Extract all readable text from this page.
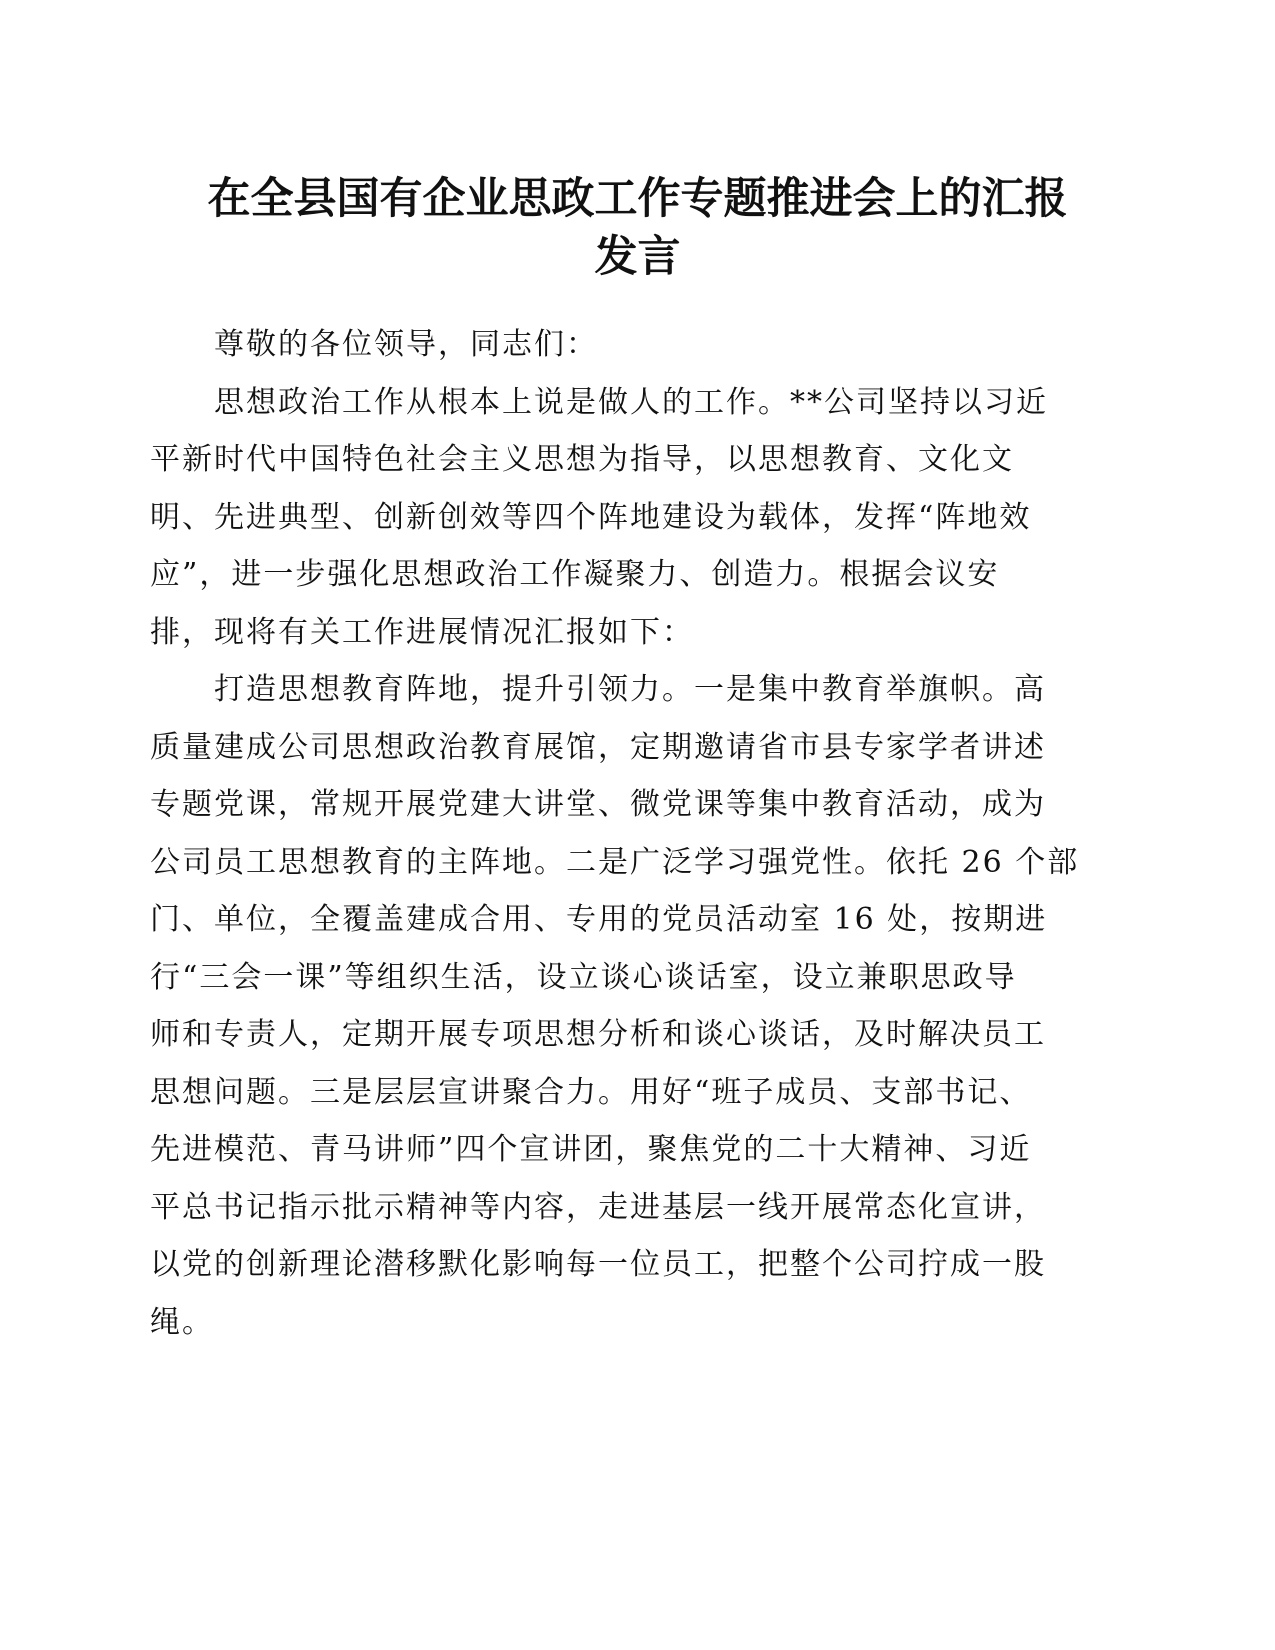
在全县国有企业思政工作专题推进会上的汇报
发言
尊敬的各位领导，同志们：
思想政治工作从根本上说是做人的工作。**公司坚持以习近
平新时代中国特色社会主义思想为指导，以思想教育、文化文
明、先进典型、创新创效等四个阵地建设为载体，发挥“阵地效
应”，进一步强化思想政治工作凝聚力、创造力。根据会议安
排，现将有关工作进展情况汇报如下：
打造思想教育阵地，提升引领力。一是集中教育举旗帜。高
质量建成公司思想政治教育展馆，定期邀请省市县专家学者讲述
专题党课，常规开展党建大讲堂、微党课等集中教育活动，成为
公司员工思想教育的主阵地。二是广泛学习强党性。依托 26 个部
门、单位，全覆盖建成合用、专用的党员活动室 16 处，按期进
行“三会一课”等组织生活，设立谈心谈话室，设立兼职思政导
师和专责人，定期开展专项思想分析和谈心谈话，及时解决员工
思想问题。三是层层宣讲聚合力。用好“班子成员、支部书记、
先进模范、青马讲师”四个宣讲团，聚焦党的二十大精神、习近
平总书记指示批示精神等内容，走进基层一线开展常态化宣讲，
以党的创新理论潜移默化影响每一位员工，把整个公司拧成一股
绳。
